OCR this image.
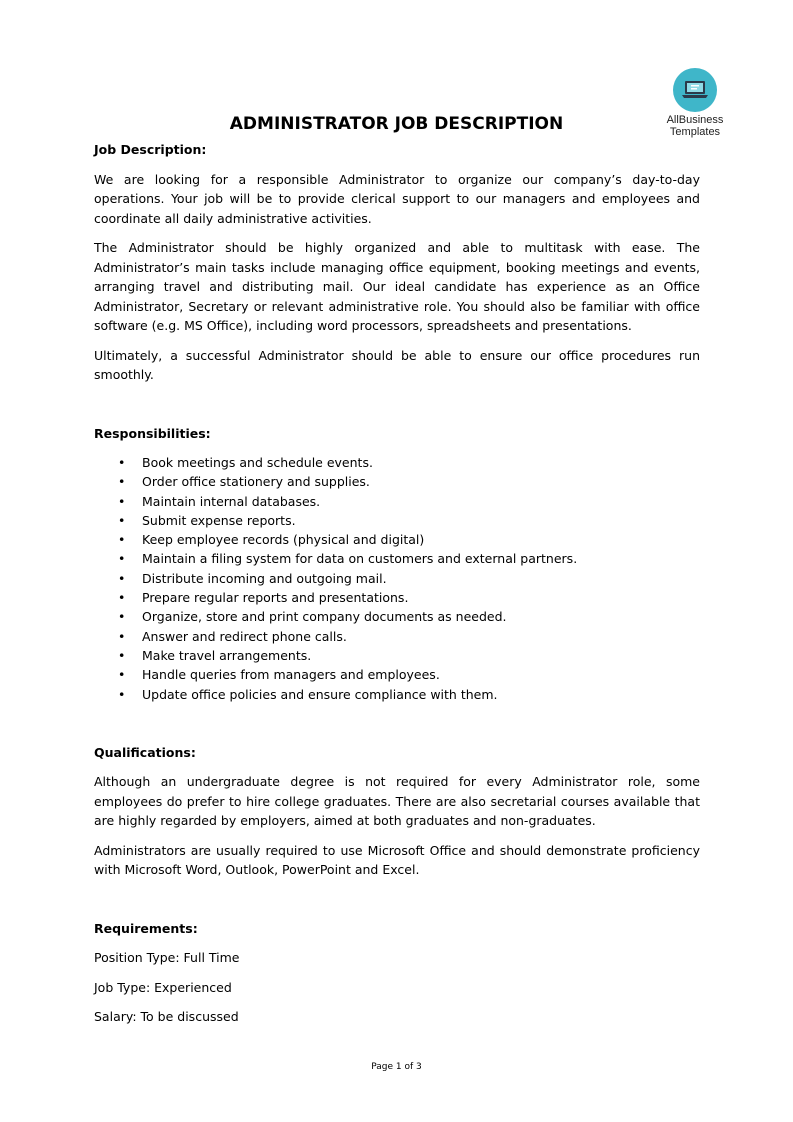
AllBusiness
Templates
ADMINISTRATOR JOB DESCRIPTION

Job Description:

We are looking for a responsible Administrator to organize our company’s day-to-day operations. Your job will be to provide clerical support to our managers and employees and coordinate all daily administrative activities.

The Administrator should be highly organized and able to multitask with ease. The Administrator’s main tasks include managing office equipment, booking meetings and events, arranging travel and distributing mail. Our ideal candidate has experience as an Office Administrator, Secretary or relevant administrative role. You should also be familiar with office software (e.g. MS Office), including word processors, spreadsheets and presentations.

Ultimately, a successful Administrator should be able to ensure our office procedures run smoothly.

Responsibilities:

• Book meetings and schedule events.
• Order office stationery and supplies.
• Maintain internal databases.
• Submit expense reports.
• Keep employee records (physical and digital)
• Maintain a filing system for data on customers and external partners.
• Distribute incoming and outgoing mail.
• Prepare regular reports and presentations.
• Organize, store and print company documents as needed.
• Answer and redirect phone calls.
• Make travel arrangements.
• Handle queries from managers and employees.
• Update office policies and ensure compliance with them.

Qualifications:

Although an undergraduate degree is not required for every Administrator role, some employees do prefer to hire college graduates. There are also secretarial courses available that are highly regarded by employers, aimed at both graduates and non-graduates.

Administrators are usually required to use Microsoft Office and should demonstrate proficiency with Microsoft Word, Outlook, PowerPoint and Excel.

Requirements:

Position Type: Full Time

Job Type: Experienced

Salary: To be discussed

Page 1 of 3
